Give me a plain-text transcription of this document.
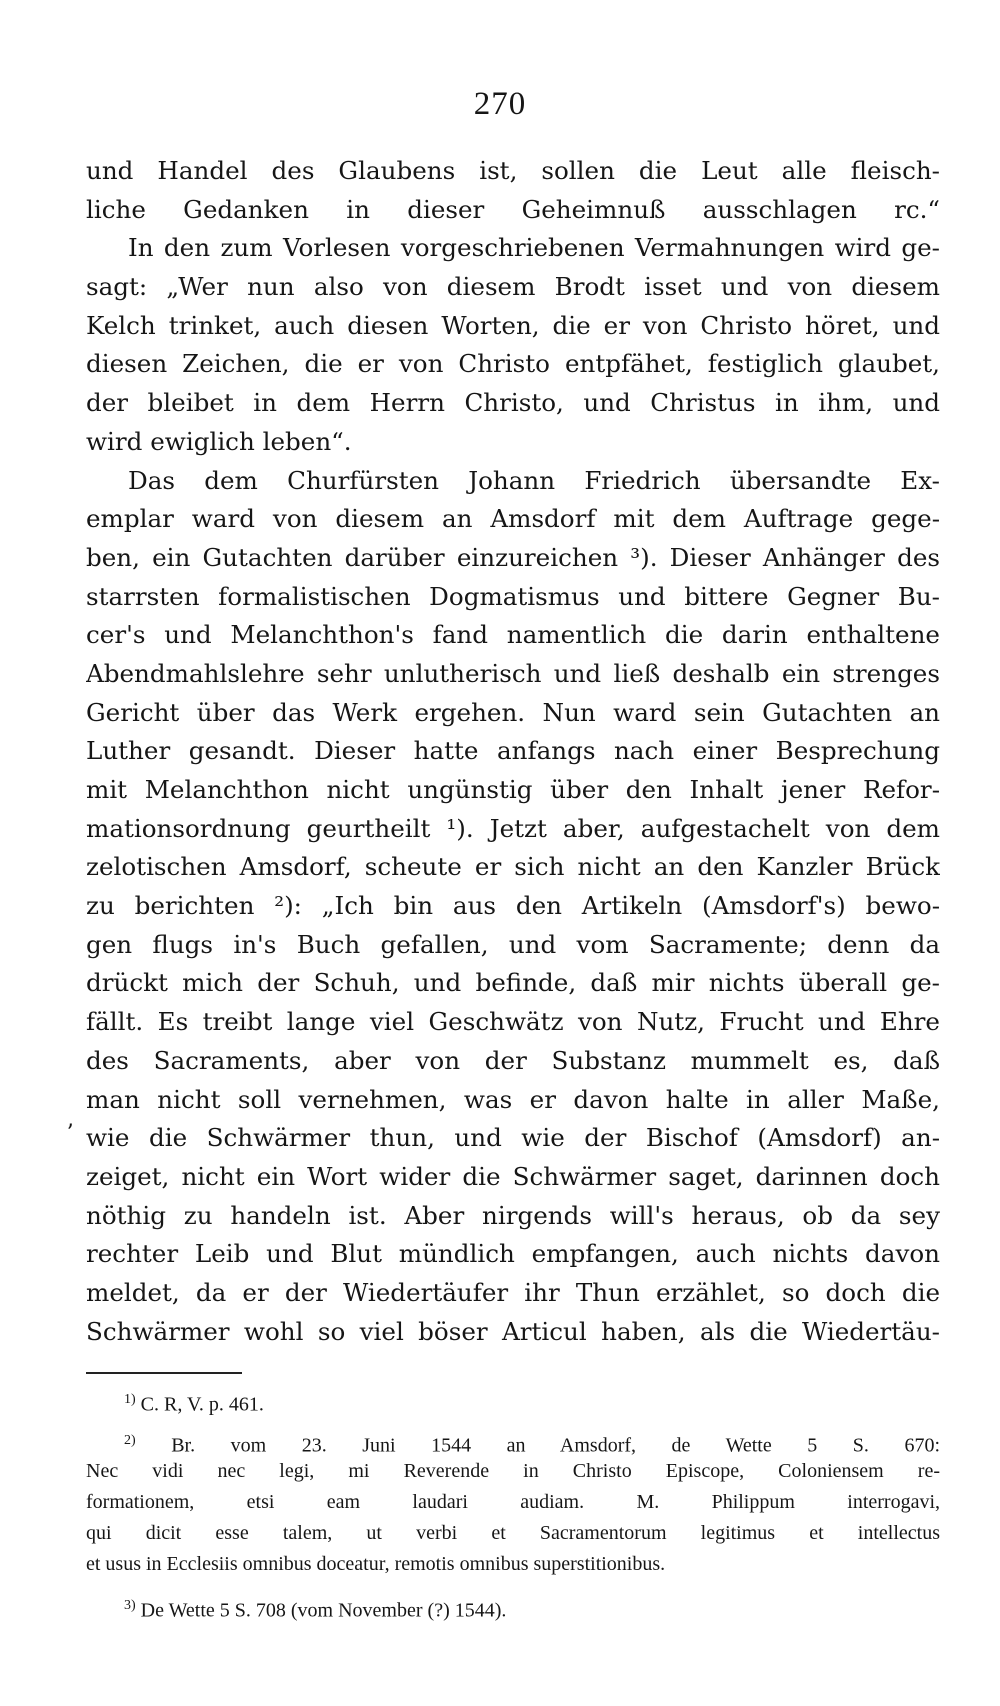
270
und Handel des Glaubens ist, sollen die Leut alle fleisch-
liche Gedanken in dieser Geheimnuß ausschlagen rc.“
In den zum Vorlesen vorgeschriebenen Vermahnungen wird ge-
sagt: „Wer nun also von diesem Brodt isset und von diesem
Kelch trinket, auch diesen Worten, die er von Christo höret, und
diesen Zeichen, die er von Christo entpfähet, festiglich glaubet,
der bleibet in dem Herrn Christo, und Christus in ihm, und
wird ewiglich leben“.
Das dem Churfürsten Johann Friedrich übersandte Ex-
emplar ward von diesem an Amsdorf mit dem Auftrage gege-
ben, ein Gutachten darüber einzureichen ³). Dieser Anhänger des
starrsten formalistischen Dogmatismus und bittere Gegner Bu-
cer's und Melanchthon's fand namentlich die darin enthaltene
Abendmahlslehre sehr unlutherisch und ließ deshalb ein strenges
Gericht über das Werk ergehen. Nun ward sein Gutachten an
Luther gesandt. Dieser hatte anfangs nach einer Besprechung
mit Melanchthon nicht ungünstig über den Inhalt jener Refor-
mationsordnung geurtheilt ¹). Jetzt aber, aufgestachelt von dem
zelotischen Amsdorf, scheute er sich nicht an den Kanzler Brück
zu berichten ²): „Ich bin aus den Artikeln (Amsdorf's) bewo-
gen flugs in's Buch gefallen, und vom Sacramente; denn da
drückt mich der Schuh, und befinde, daß mir nichts überall ge-
fällt. Es treibt lange viel Geschwätz von Nutz, Frucht und Ehre
des Sacraments, aber von der Substanz mummelt es, daß
man nicht soll vernehmen, was er davon halte in aller Maße,
wie die Schwärmer thun, und wie der Bischof (Amsdorf) an-
zeiget, nicht ein Wort wider die Schwärmer saget, darinnen doch
nöthig zu handeln ist. Aber nirgends will's heraus, ob da sey
rechter Leib und Blut mündlich empfangen, auch nichts davon
meldet, da er der Wiedertäufer ihr Thun erzählet, so doch die
Schwärmer wohl so viel böser Articul haben, als die Wiedertäu-
ʼ
$^{1)}$ C. R, V. p. 461.
$^{2)}$ Br. vom 23. Juni 1544 an Amsdorf, de Wette 5 S. 670:
Nec vidi nec legi, mi Reverende in Christo Episcope, Coloniensem re-
formationem, etsi eam laudari audiam. M. Philippum interrogavi,
qui dicit esse talem, ut verbi et Sacramentorum legitimus et intellectus
et usus in Ecclesiis omnibus doceatur, remotis omnibus superstitionibus.
$^{3)}$ De Wette 5 S. 708 (vom November (?) 1544).
